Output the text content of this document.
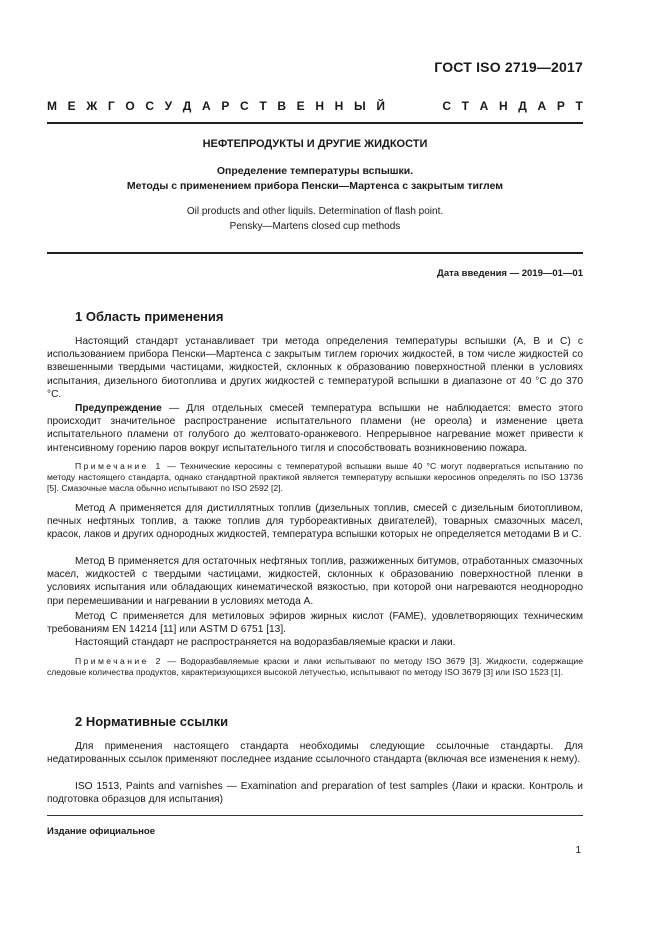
ГОСТ ISO 2719—2017
М Е Ж Г О С У Д А Р С Т В Е Н Н Ы Й	С Т А Н Д А Р Т
НЕФТЕПРОДУКТЫ И ДРУГИЕ ЖИДКОСТИ
Определение температуры вспышки.
Методы с применением прибора Пенски—Мартенса с закрытым тиглем
Oil products and other liquils. Determination of flash point.
Pensky—Martens closed cup methods
Дата введения — 2019—01—01
1 Область применения
Настоящий стандарт устанавливает три метода определения температуры вспышки (А, В и С) с использованием прибора Пенски—Мартенса с закрытым тиглем горючих жидкостей, в том числе жидкостей со взвешенными твердыми частицами, жидкостей, склонных к образованию поверхностной пленки в условиях испытания, дизельного биотоплива и других жидкостей с температурой вспышки в диапазоне от 40 °С до 370 °С.
Предупреждение — Для отдельных смесей температура вспышки не наблюдается: вместо этого происходит значительное распространение испытательного пламени (не ореола) и изменение цвета испытательного пламени от голубого до желтовато-оранжевого. Непрерывное нагревание может привести к интенсивному горению паров вокруг испытательного тигля и способствовать возникновению пожара.
Примечание 1 — Технические керосины с температурой вспышки выше 40 °С могут подвергаться испытанию по методу настоящего стандарта, однако стандартной практикой является температуру вспышки керосинов определять по ISO 13736 [5]. Смазочные масла обычно испытывают по ISO 2592 [2].
Метод А применяется для дистиллятных топлив (дизельных топлив, смесей с дизельным биотопливом, печных нефтяных топлив, а также топлив для турбореактивных двигателей), товарных смазочных масел, красок, лаков и других однородных жидкостей, температура вспышки которых не определяется методами В и С.
Метод В применяется для остаточных нефтяных топлив, разжиженных битумов, отработанных смазочных масел, жидкостей с твердыми частицами, жидкостей, склонных к образованию поверхностной пленки в условиях испытания или обладающих кинематической вязкостью, при которой они нагреваются неоднородно при перемешивании и нагревании в условиях метода А.
Метод С применяется для метиловых эфиров жирных кислот (FAME), удовлетворяющих техническим требованиям EN 14214 [11] или ASTM D 6751 [13].
Настоящий стандарт не распространяется на водоразбавляемые краски и лаки.
Примечание 2 — Водоразбавляемые краски и лаки испытывают по методу ISO 3679 [3]. Жидкости, содержащие следовые количества продуктов, характеризующихся высокой летучестью, испытывают по методу ISO 3679 [3] или ISO 1523 [1].
2 Нормативные ссылки
Для применения настоящего стандарта необходимы следующие ссылочные стандарты. Для недатированных ссылок применяют последнее издание ссылочного стандарта (включая все изменения к нему).
ISO 1513, Paints and varnishes — Examination and preparation of test samples (Лаки и краски. Контроль и подготовка образцов для испытания)
Издание официальное
1
